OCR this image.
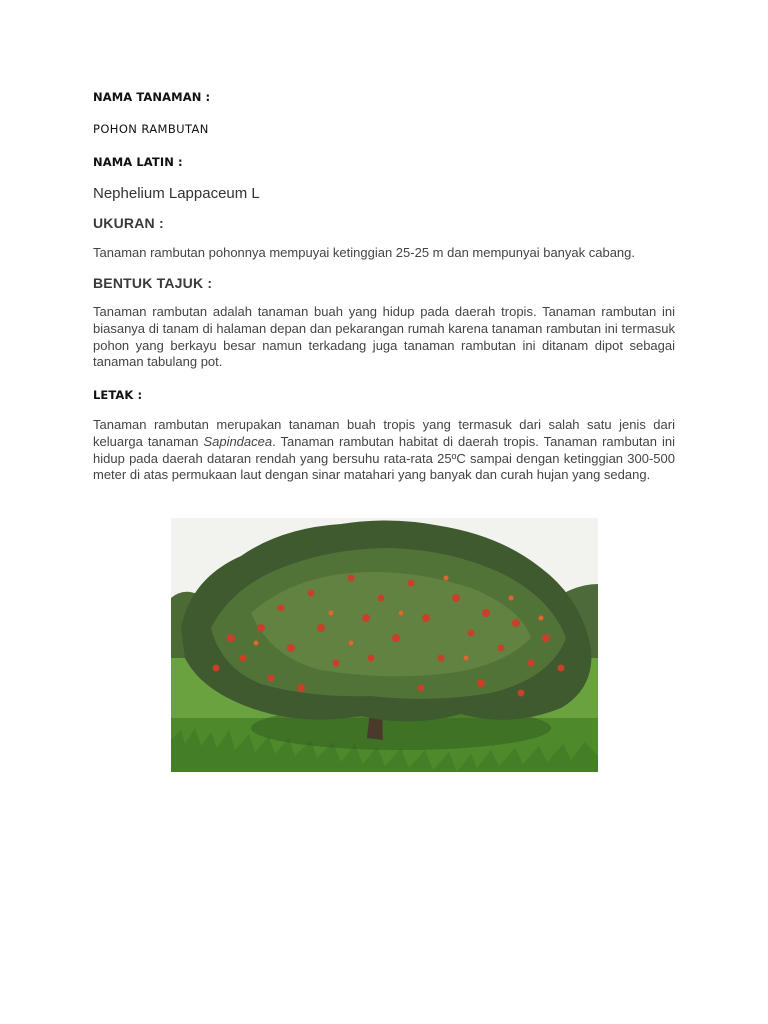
NAMA TANAMAN :

POHON RAMBUTAN

NAMA LATIN :

Nephelium Lappaceum L

UKURAN :

Tanaman rambutan pohonnya mempuyai ketinggian 25-25 m dan mempunyai banyak cabang.

BENTUK TAJUK :

Tanaman rambutan adalah tanaman buah yang hidup pada daerah tropis. Tanaman rambutan ini biasanya di tanam di halaman depan dan pekarangan rumah karena tanaman rambutan ini termasuk pohon yang berkayu besar namun terkadang juga tanaman rambutan ini ditanam dipot sebagai tanaman tabulang pot.

LETAK :

Tanaman rambutan merupakan tanaman buah tropis yang termasuk dari salah satu jenis dari keluarga tanaman Sapindacea. Tanaman rambutan habitat di daerah tropis. Tanaman rambutan ini hidup pada daerah dataran rendah yang bersuhu rata-rata 25ºC sampai dengan ketinggian 300-500 meter di atas permukaan laut dengan sinar matahari yang banyak dan curah hujan yang sedang.
